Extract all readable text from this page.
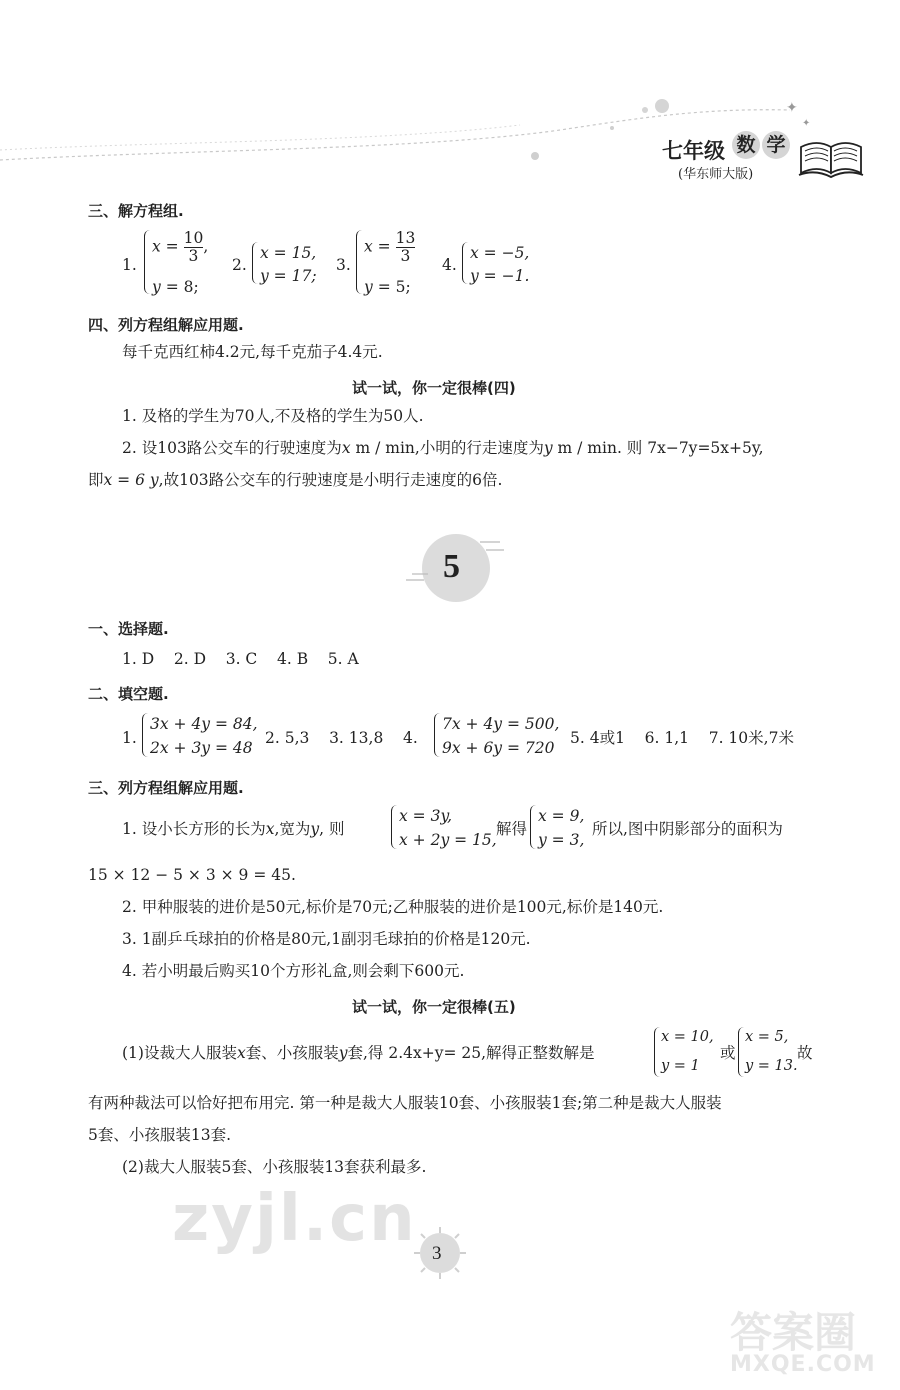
✦
✦
七年级 数 学
(华东师大版)
三、解方程组.
1.
$x = \frac{10}{3}$ ,
y = 8;
2.
x = 15,
y = 17;
3.
$x = \frac{13}{3}$
y = 5;
4.
x = −5,
y = −1.
四、列方程组解应用题.
每千克西红柿4.2元,每千克茄子4.4元.
试一试，你一定很棒(四)
1. 及格的学生为70人,不及格的学生为50人.
2. 设103路公交车的行驶速度为x m / min,小明的行走速度为y m / min. 则 7x−7y=5x+5y,
即x = 6 y,故103路公交车的行驶速度是小明行走速度的6倍.
5
一、选择题.
1. D    2. D    3. C    4. B    5. A
二、填空题.
1.
3x + 4y = 84,
2x + 3y = 48
2. 5,3    3. 13,8    4.
7x + 4y = 500,
9x + 6y = 720
5. 4或1    6. 1,1    7. 10米,7米
三、列方程组解应用题.
1. 设小长方形的长为x,宽为y, 则
x = 3y,
x + 2y = 15,
解得
x = 9,
y = 3,
所以,图中阴影部分的面积为
15 × 12 − 5 × 3 × 9 = 45.
2. 甲种服装的进价是50元,标价是70元;乙种服装的进价是100元,标价是140元.
3. 1副乒乓球拍的价格是80元,1副羽毛球拍的价格是120元.
4. 若小明最后购买10个方形礼盒,则会剩下600元.
试一试，你一定很棒(五)
(1)设裁大人服装x套、小孩服装y套,得 2.4x+y= 25,解得正整数解是
x = 10,
y = 1
或
x = 5,
y = 13.
故
有两种裁法可以恰好把布用完. 第一种是裁大人服装10套、小孩服装1套;第二种是裁大人服装
5套、小孩服装13套.
(2)裁大人服装5套、小孩服装13套获利最多.
zyjl.cn 3
答案圈
MXQE.COM
